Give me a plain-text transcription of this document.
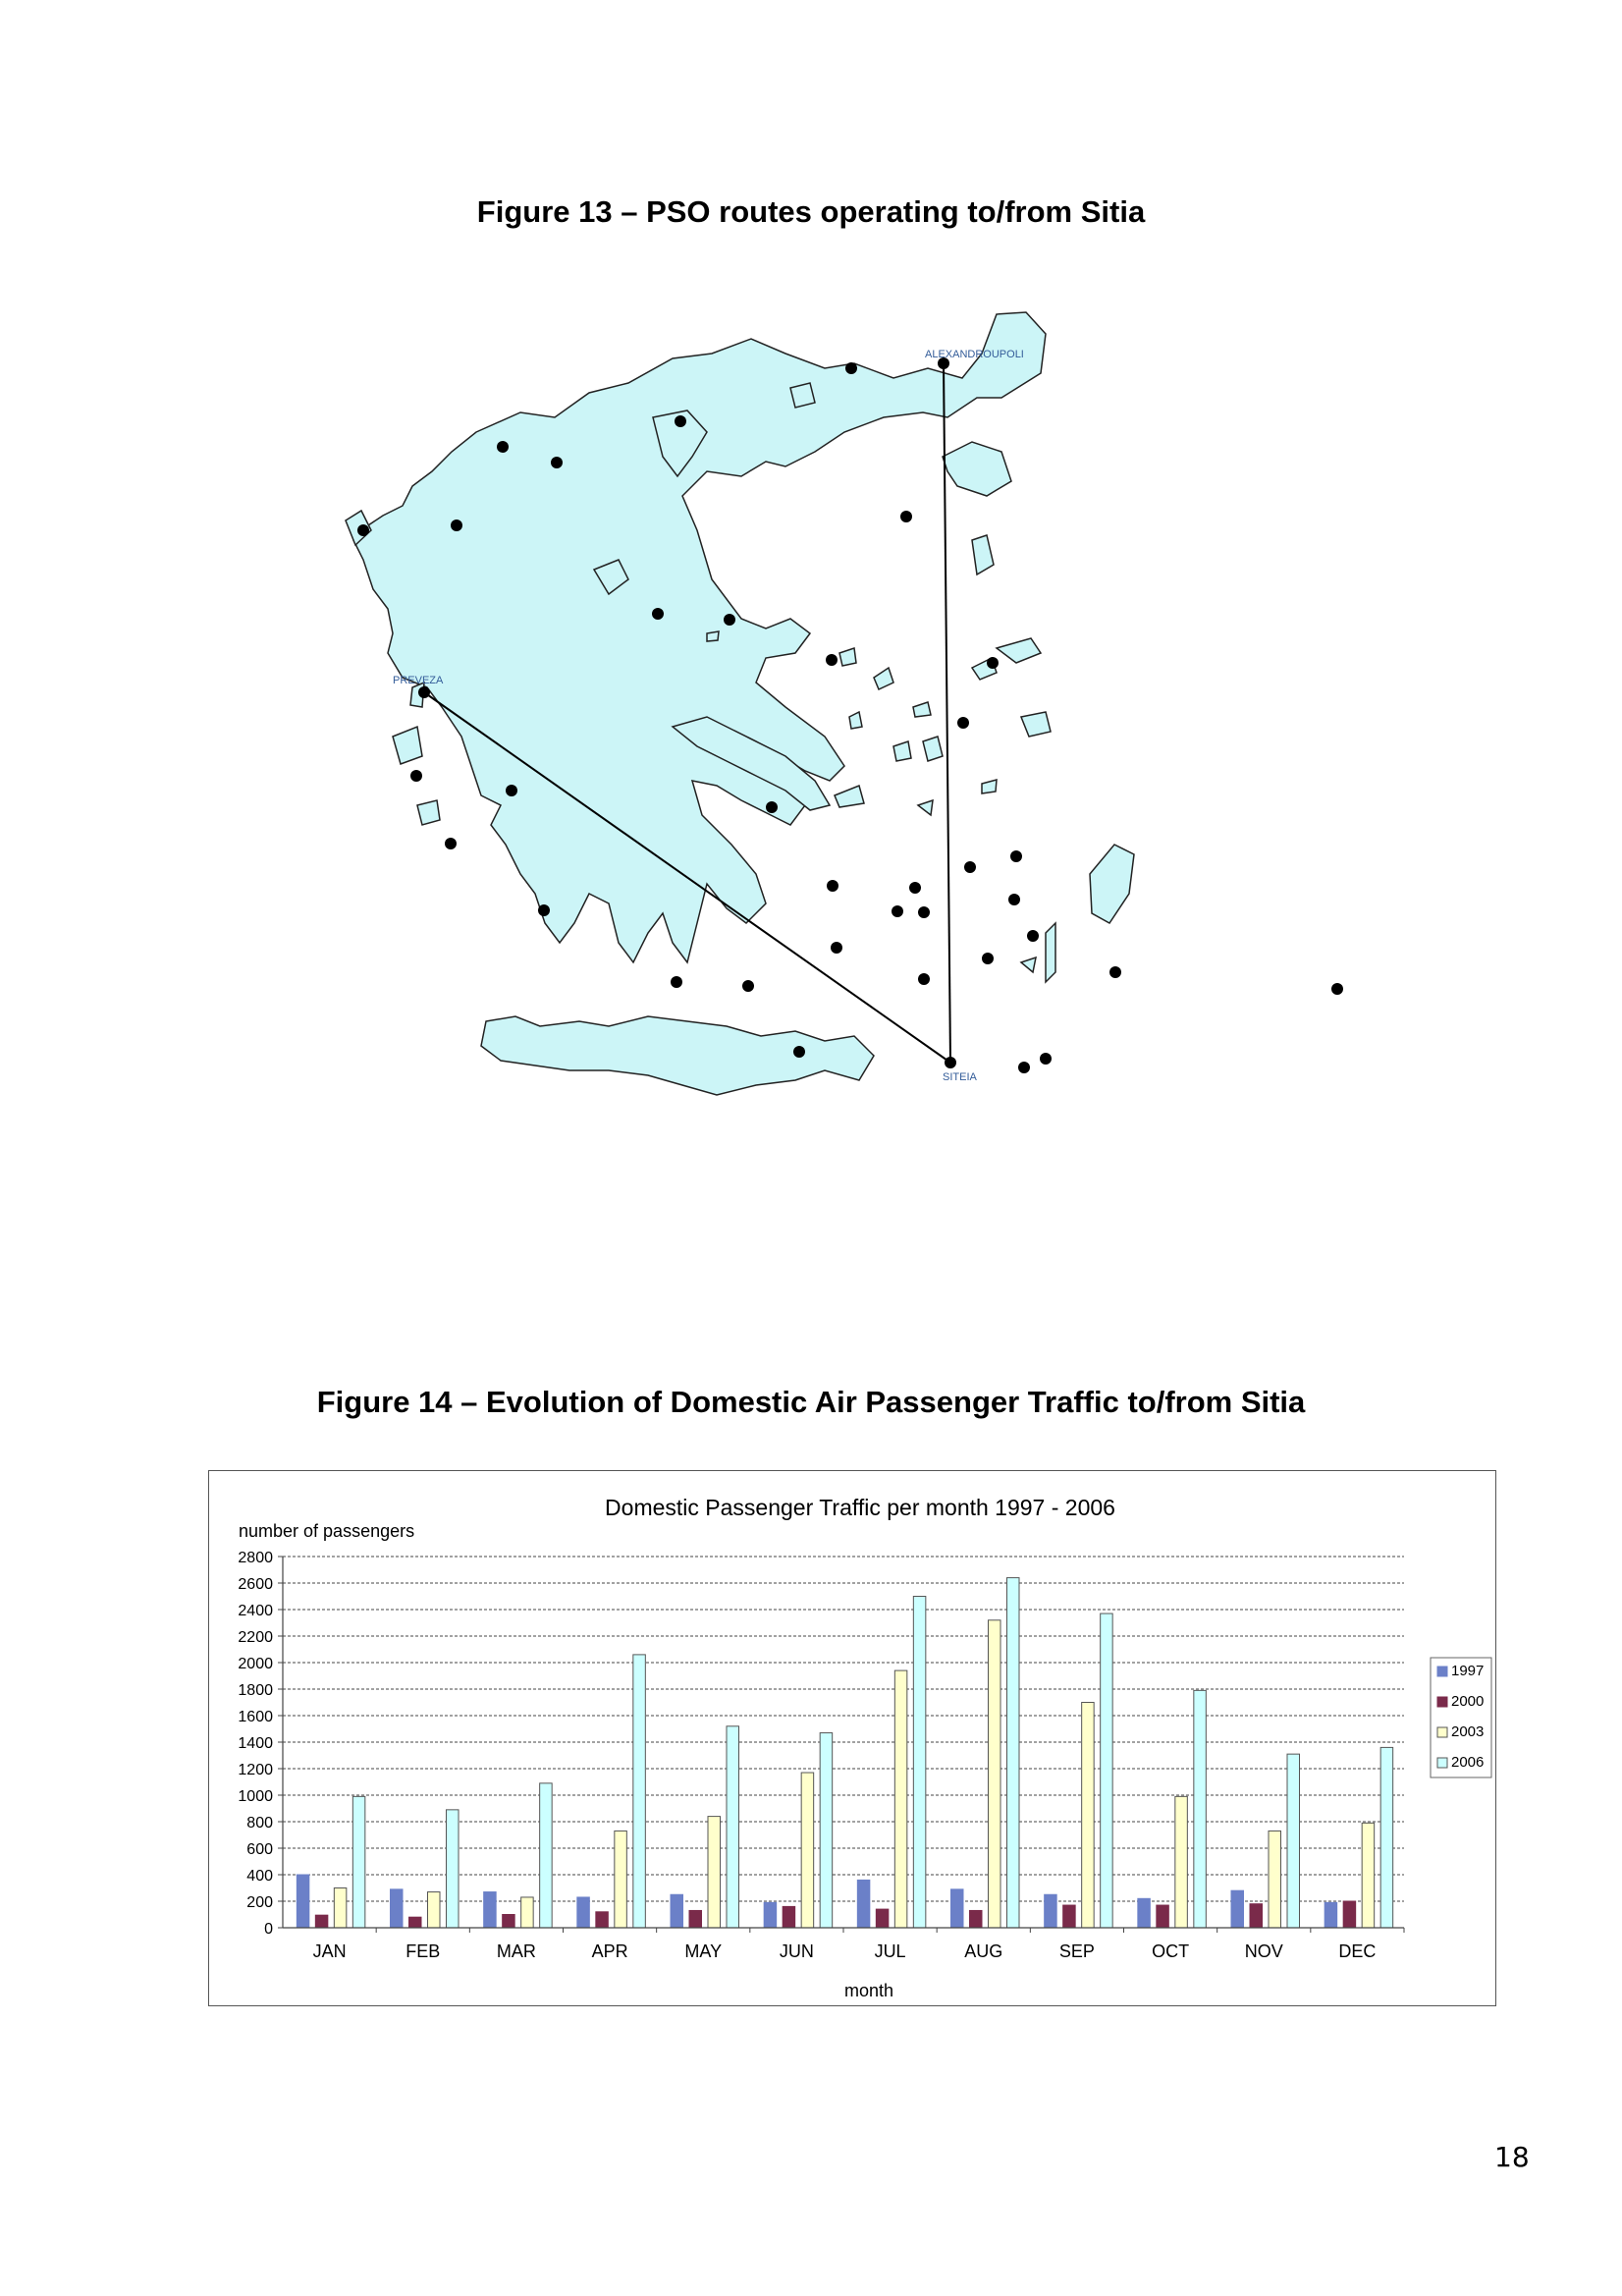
Figure 13 – PSO routes operating to/from Sitia
ALEXANDROUPOLI
PREVEZA
SITEIA
Figure 14 – Evolution of Domestic Air Passenger Traffic to/from Sitia
Domestic Passenger Traffic per month 1997 - 2006
number of passengers
month
0
200
400
600
800
1000
1200
1400
1600
1800
2000
2200
2400
2600
2800
JAN	FEB	MAR	APR	MAY	JUN	JUL	AUG	SEP	OCT	NOV	DEC
1997
2000
2003
2006
18
